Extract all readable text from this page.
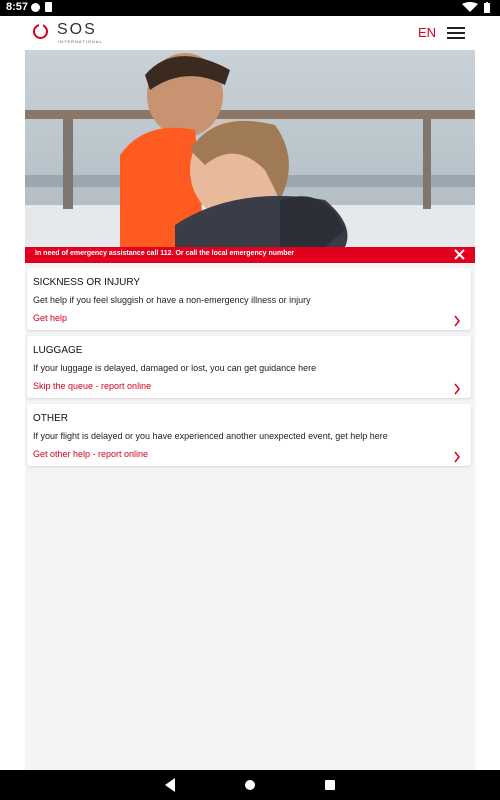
8:57
SOS
INTERNATIONAL
EN
In need of emergency assistance call 112. Or call the local emergency number
SICKNESS OR INJURY
Get help if you feel sluggish or have a non-emergency illness or injury
Get help
LUGGAGE
If your luggage is delayed, damaged or lost, you can get guidance here
Skip the queue - report online
OTHER
If your flight is delayed or you have experienced another unexpected event, get help here
Get other help - report online
